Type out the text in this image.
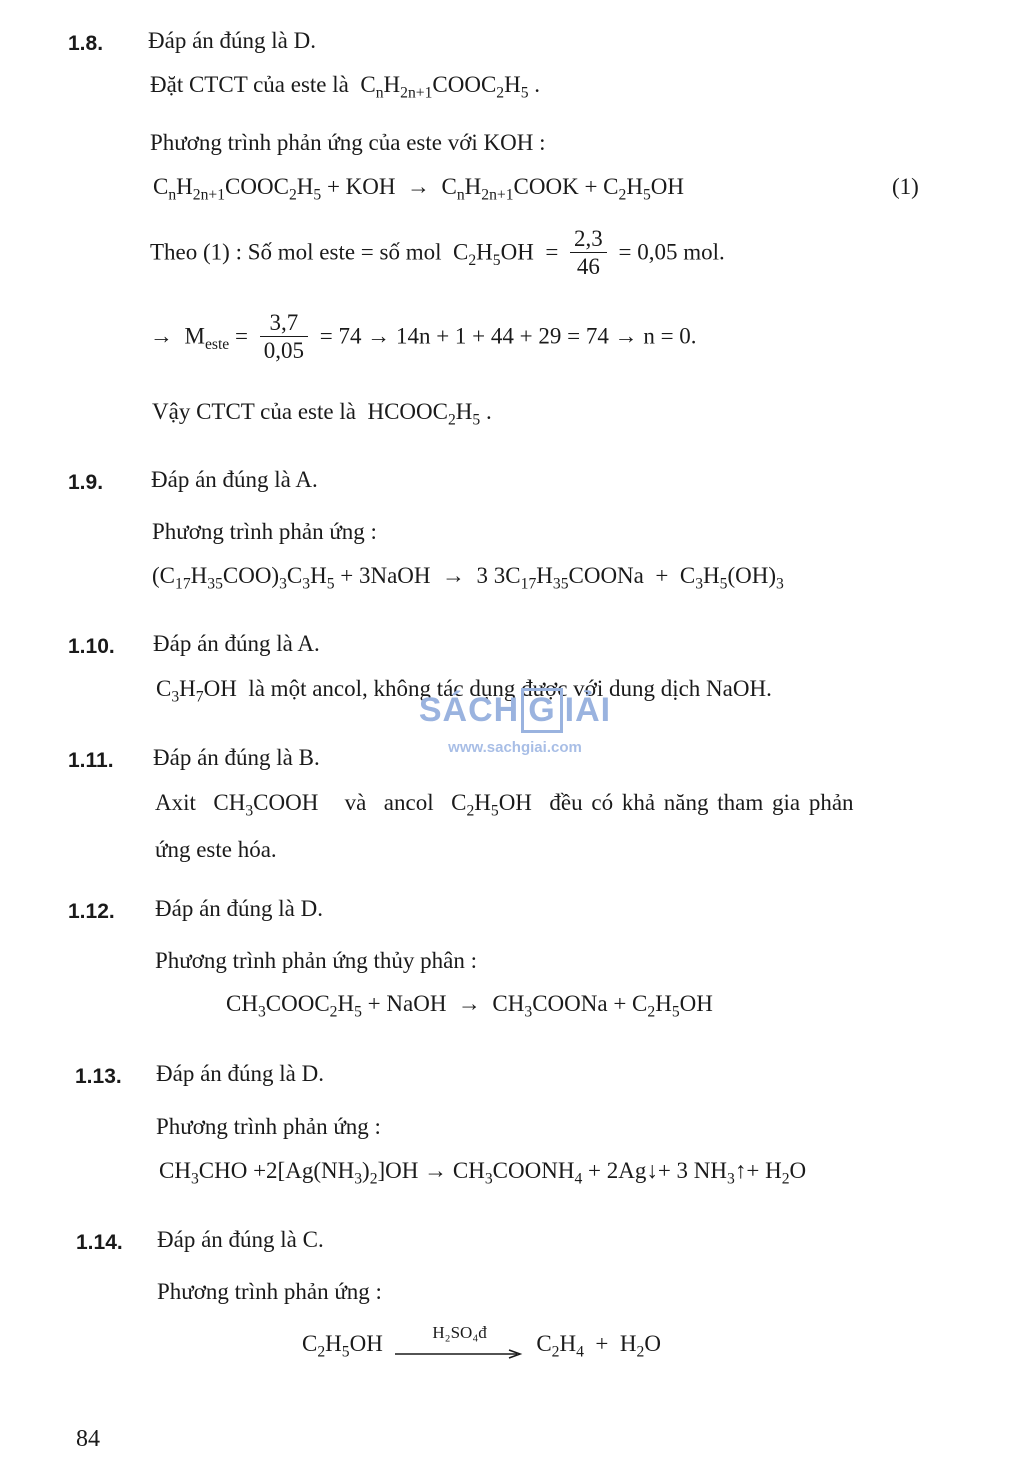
1.8. Đáp án đúng là D.
Đặt CTCT của este là  $C_nH_{2n+1}COOC_2H_5$ .
Phương trình phản ứng của este với KOH :
$C_nH_{2n+1}COOC_2H_5$ + KOH  →  $C_nH_{2n+1}COOK + C_2H_5OH$	(1)
Theo (1) : Số mol este = số mol  $C_2H_5OH = \frac{2,3}{46} = 0,05$ mol.
→  $M_{este} = \frac{3,7}{0,05} = 74 \to 14n + 1 + 44 + 29 = 74 \to n = 0$.
Vậy CTCT của este là  $HCOOC_2H_5$ .
1.9. Đáp án đúng là A.
Phương trình phản ứng :
$(C_{17}H_{35}COO)_3C_3H_5$ + 3NaOH  →  3 $3C_{17}H_{35}COONa + C_3H_5(OH)_3$
1.10. Đáp án đúng là A.
$C_3H_7OH$  là một ancol, không tác dụng được với dung dịch NaOH.
SÁCH G IẢI
www.sachgiai.com
1.11. Đáp án đúng là B.
Axit  $CH_3COOH$   và  ancol  $C_2H_5OH$  đều có khả năng tham gia phản
ứng este hóa.
1.12. Đáp án đúng là D.
Phương trình phản ứng thủy phân :
$CH_3COOC_2H_5$ + NaOH  →  $CH_3COONa + C_2H_5OH$
1.13. Đáp án đúng là D.
Phương trình phản ứng :
$CH_3CHO +2[Ag(NH_3)_2]OH$ → $CH_3COONH_4$ + 2Ag↓+ 3 $NH_3↑+ H_2O$
1.14. Đáp án đúng là C.
Phương trình phản ứng :
$C_2H_5OH$	H₂SO₄đ	$C_2H_4 + H_2O$
84
